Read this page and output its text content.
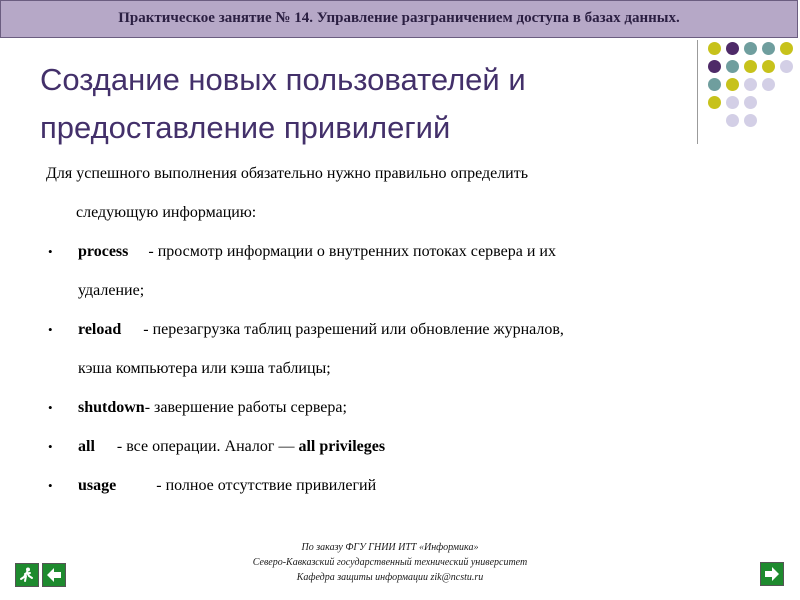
Практическое занятие № 14. Управление разграничением доступа в базах данных.
Создание новых пользователей и
предоставление привилегий
Для успешного выполнения обязательно нужно правильно определить
следующую информацию:
• process - просмотр информации о внутренних потоках сервера и их
удаление;
• reload - перезагрузка таблиц разрешений или обновление журналов,
кэша компьютера или кэша таблицы;
• shutdown- завершение работы сервера;
• all - все операции. Аналог — all privileges
• usage	- полное отсутствие привилегий
По заказу ФГУ ГНИИ ИТТ «Информика»
Северо-Кавказский государственный технический университет
Кафедра защиты информации zik@ncstu.ru
